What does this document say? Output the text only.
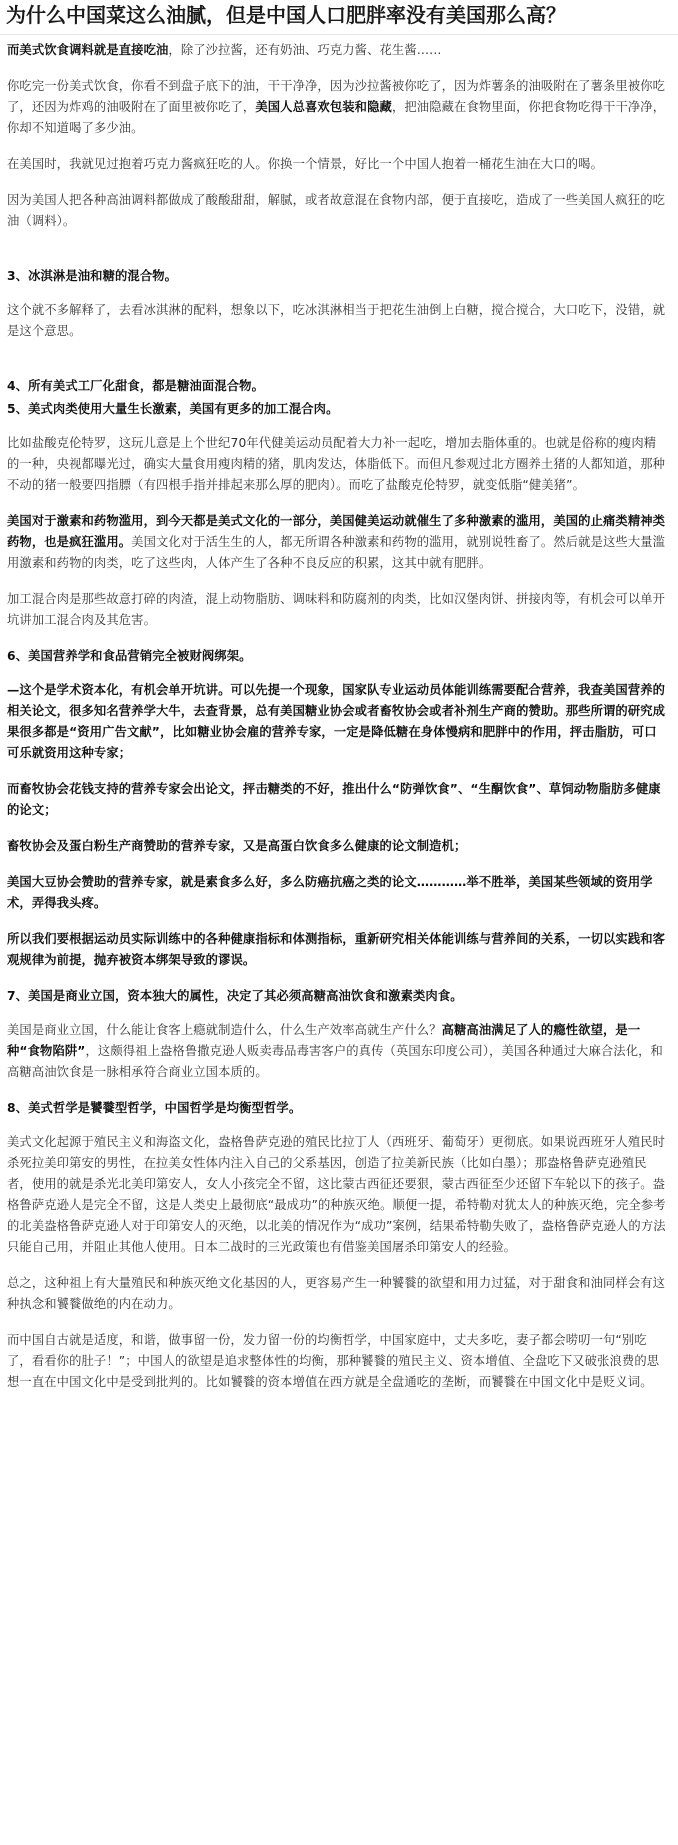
为什么中国菜这么油腻，但是中国人口肥胖率没有美国那么高？

而美式饮食调料就是直接吃油，除了沙拉酱，还有奶油、巧克力酱、花生酱……

你吃完一份美式饮食，你看不到盘子底下的油，干干净净，因为沙拉酱被你吃了，因为炸薯条的油吸附在了薯条里被你吃了，还因为炸鸡的油吸附在了面里被你吃了，美国人总喜欢包装和隐藏，把油隐藏在食物里面，你把食物吃得干干净净，你却不知道喝了多少油。

在美国时，我就见过抱着巧克力酱疯狂吃的人。你换一个情景，好比一个中国人抱着一桶花生油在大口的喝。

因为美国人把各种高油调料都做成了酸酸甜甜，解腻，或者故意混在食物内部，便于直接吃，造成了一些美国人疯狂的吃油（调料）。

3、冰淇淋是油和糖的混合物。

这个就不多解释了，去看冰淇淋的配料，想象以下，吃冰淇淋相当于把花生油倒上白糖，搅合搅合，大口吃下，没错，就是这个意思。

4、所有美式工厂化甜食，都是糖油面混合物。

5、美式肉类使用大量生长激素，美国有更多的加工混合肉。

比如盐酸克伦特罗，这玩儿意是上个世纪70年代健美运动员配着大力补一起吃，增加去脂体重的。也就是俗称的瘦肉精的一种，央视都曝光过，确实大量食用瘦肉精的猪，肌肉发达，体脂低下。而但凡参观过北方圈养土猪的人都知道，那种不动的猪一般要四指膘（有四根手指并排起来那么厚的肥肉）。而吃了盐酸克伦特罗，就变低脂“健美猪”。

美国对于激素和药物滥用，到今天都是美式文化的一部分，美国健美运动就催生了多种激素的滥用，美国的止痛类精神类药物，也是疯狂滥用。美国文化对于活生生的人，都无所谓各种激素和药物的滥用，就别说牲畜了。然后就是这些大量滥用激素和药物的肉类，吃了这些肉，人体产生了各种不良反应的积累，这其中就有肥胖。

加工混合肉是那些故意打碎的肉渣，混上动物脂肪、调味料和防腐剂的肉类，比如汉堡肉饼、拼接肉等，有机会可以单开坑讲加工混合肉及其危害。

6、美国营养学和食品营销完全被财阀绑架。

—这个是学术资本化，有机会单开坑讲。可以先提一个现象，国家队专业运动员体能训练需要配合营养，我查美国营养的相关论文，很多知名营养学大牛，去查背景，总有美国糖业协会或者畜牧协会或者补剂生产商的赞助。那些所谓的研究成果很多都是“资用广告文献”，比如糖业协会雇的营养专家，一定是降低糖在身体慢病和肥胖中的作用，抨击脂肪，可口可乐就资用这种专家；

而畜牧协会花钱支持的营养专家会出论文，抨击糖类的不好，推出什么“防弹饮食”、“生酮饮食”、草饲动物脂肪多健康的论文；

畜牧协会及蛋白粉生产商赞助的营养专家，又是高蛋白饮食多么健康的论文制造机；

美国大豆协会赞助的营养专家，就是素食多么好，多么防癌抗癌之类的论文…………举不胜举，美国某些领域的资用学术，弄得我头疼。

所以我们要根据运动员实际训练中的各种健康指标和体测指标，重新研究相关体能训练与营养间的关系，一切以实践和客观规律为前提，抛弃被资本绑架导致的谬误。

7、美国是商业立国，资本独大的属性，决定了其必须高糖高油饮食和激素类肉食。

美国是商业立国，什么能让食客上瘾就制造什么，什么生产效率高就生产什么？高糖高油满足了人的瘾性欲望，是一种“食物陷阱”，这颇得祖上盎格鲁撒克逊人贩卖毒品毒害客户的真传（英国东印度公司），美国各种通过大麻合法化，和高糖高油饮食是一脉相承符合商业立国本质的。

8、美式哲学是饕餮型哲学，中国哲学是均衡型哲学。

美式文化起源于殖民主义和海盗文化，盎格鲁萨克逊的殖民比拉丁人（西班牙、葡萄牙）更彻底。如果说西班牙人殖民时杀死拉美印第安的男性，在拉美女性体内注入自己的父系基因，创造了拉美新民族（比如白墨）；那盎格鲁萨克逊殖民者，使用的就是杀光北美印第安人，女人小孩完全不留，这比蒙古西征还要狠，蒙古西征至少还留下车轮以下的孩子。盎格鲁萨克逊人是完全不留，这是人类史上最彻底“最成功”的种族灭绝。顺便一提，希特勒对犹太人的种族灭绝，完全参考的北美盎格鲁萨克逊人对于印第安人的灭绝，以北美的情况作为“成功”案例，结果希特勒失败了，盎格鲁萨克逊人的方法只能自己用，并阻止其他人使用。日本二战时的三光政策也有借鉴美国屠杀印第安人的经验。

总之，这种祖上有大量殖民和种族灭绝文化基因的人，更容易产生一种饕餮的欲望和用力过猛，对于甜食和油同样会有这种执念和饕餮做绝的内在动力。

而中国自古就是适度，和谐，做事留一份，发力留一份的均衡哲学，中国家庭中，丈夫多吃，妻子都会唠叨一句“别吃了，看看你的肚子！”；中国人的欲望是追求整体性的均衡，那种饕餮的殖民主义、资本增值、全盘吃下又破张浪费的思想一直在中国文化中是受到批判的。比如饕餮的资本增值在西方就是全盘通吃的垄断，而饕餮在中国文化中是贬义词。
